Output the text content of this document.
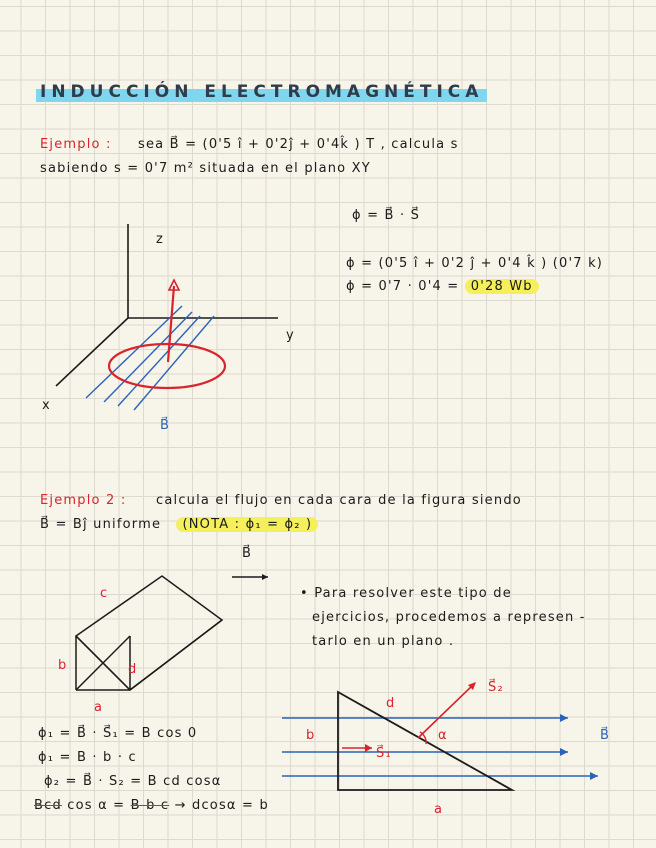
INDUCCIÓN ELECTROMAGNÉTICA
Ejemplo : sea B⃗ = (0'5 î + 0'2ĵ + 0'4k̂ ) T , calcula s
sabiendo s = 0'7 m² situada en el plano XY
ϕ = B⃗ · S⃗
ϕ = (0'5 î + 0'2 ĵ + 0'4 k̂ ) (0'7 k)
ϕ = 0'7 · 0'4 = 0'28 Wb
z
y
x
B⃗
Ejemplo 2 : calcula el flujo en cada cara de la figura siendo
B⃗ = Bĵ uniforme (NOTA : ϕ₁ = ϕ₂ )
B⃗
• Para resolver este tipo de
ejercicios, procedemos a represen -
tarlo en un plano .
c
b	d
a	d
b
a
α
S⃗₁
S⃗₂
B⃗
ϕ₁ = B⃗ · S⃗₁ = B cos 0
ϕ₁ = B · b · c
ϕ₂ = B⃗ · S₂ = B cd cosα
Bcd cos α = B b c → dcosα = b
